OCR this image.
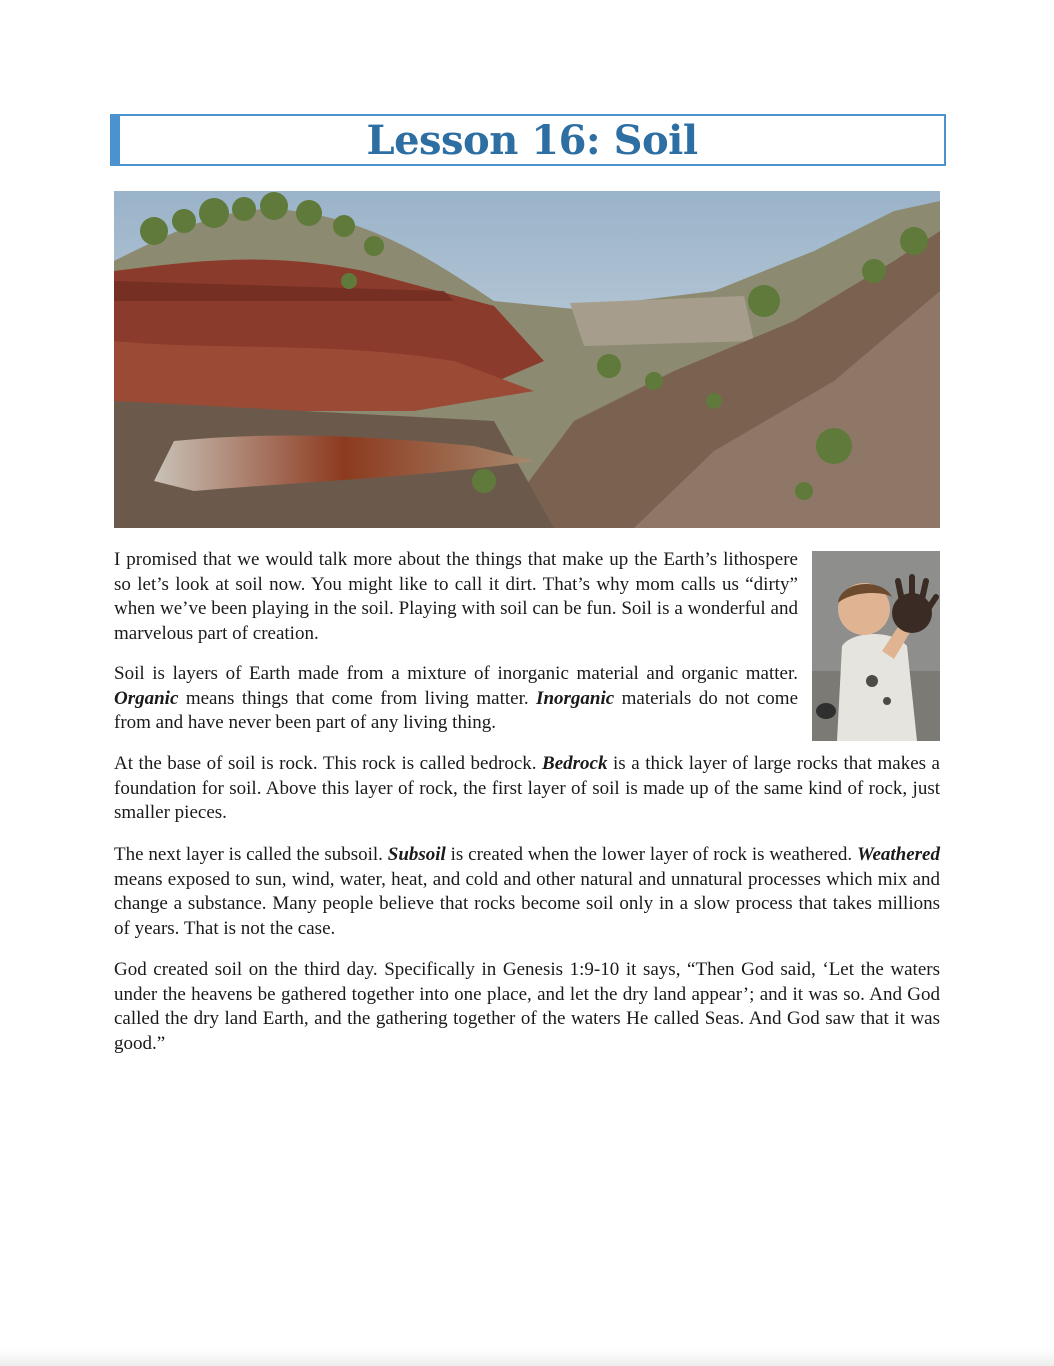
Lesson 16: Soil
I promised that we would talk more about the things that make up the Earth’s lithospere so let’s look at soil now. You might like to call it dirt. That’s why mom calls us “dirty” when we’ve been playing in the soil. Playing with soil can be fun. Soil is a wonderful and marvelous part of creation.
Soil is layers of Earth made from a mixture of inorganic material and organic matter. Organic means things that come from living matter. Inorganic materials do not come from and have never been part of any living thing.
At the base of soil is rock. This rock is called bedrock. Bedrock is a thick layer of large rocks that makes a foundation for soil. Above this layer of rock, the first layer of soil is made up of the same kind of rock, just smaller pieces.
The next layer is called the subsoil. Subsoil is created when the lower layer of rock is weathered. Weathered means exposed to sun, wind, water, heat, and cold and other natural and unnatural processes which mix and change a substance. Many people believe that rocks become soil only in a slow process that takes millions of years. That is not the case.
God created soil on the third day. Specifically in Genesis 1:9-10 it says, “Then God said, ‘Let the waters under the heavens be gathered together into one place, and let the dry land appear’; and it was so. And God called the dry land Earth, and the gathering together of the waters He called Seas. And God saw that it was good.”
